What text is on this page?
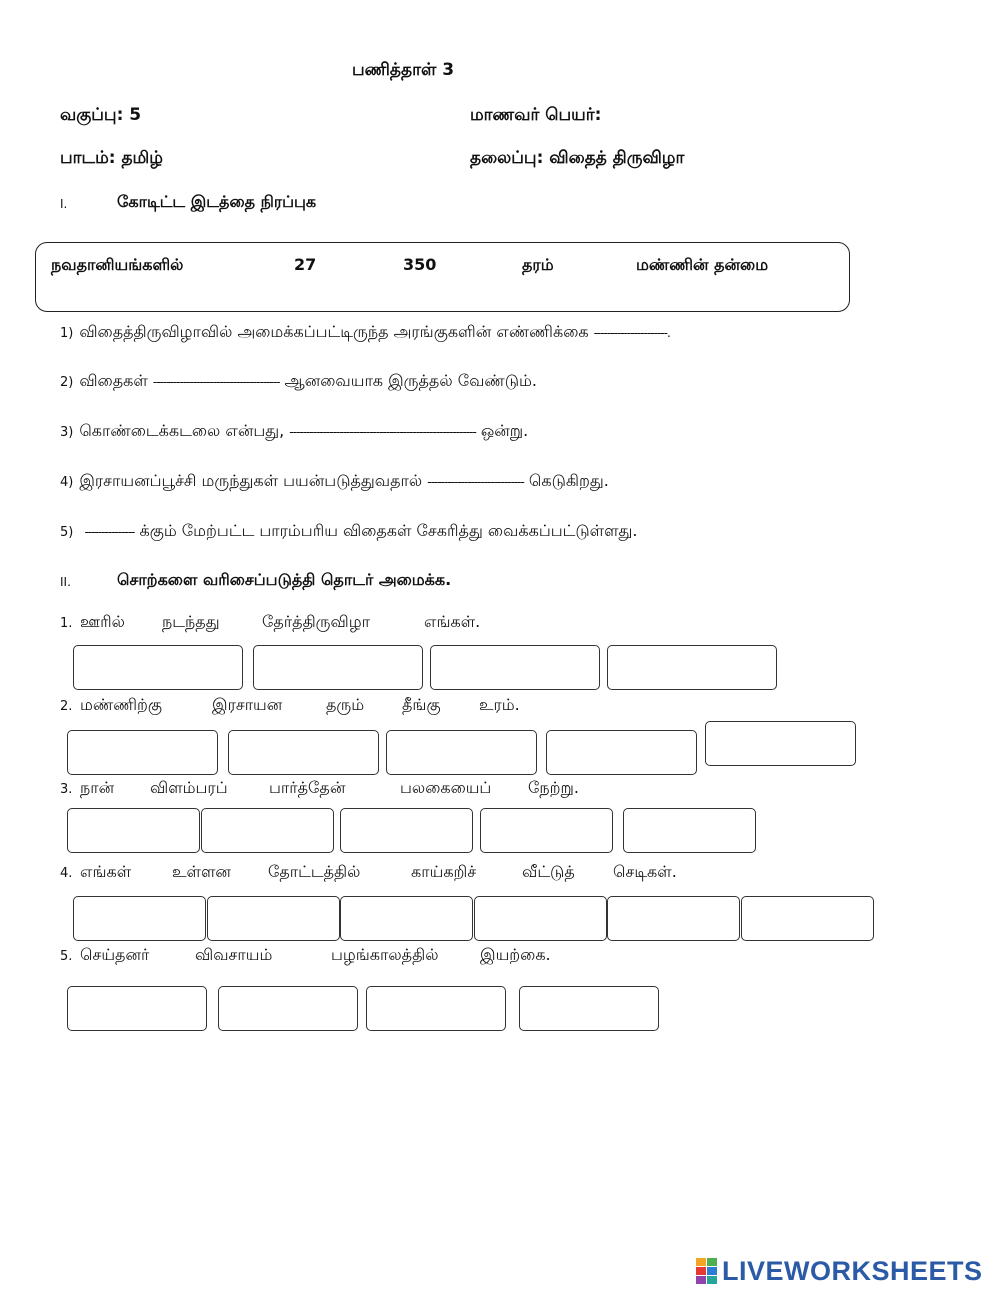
பணித்தாள் 3
வகுப்பு: 5	மாணவர் பெயர்:
பாடம்: தமிழ்	தலைப்பு: விதைத் திருவிழா
I.	கோடிட்ட இடத்தை நிரப்புக
நவதானியங்களில்	27	350	தரம்	மண்ணின் தன்மை
1) விதைத்திருவிழாவில் அமைக்கப்பட்டிருந்த அரங்குகளின் எண்ணிக்கை ----------------------.
2) விதைகள் -------------------------------------- ஆனவையாக இருத்தல் வேண்டும்.
3) கொண்டைக்கடலை என்பது, -------------------------------------------------------- ஒன்று.
4) இரசாயனப்பூச்சி மருந்துகள் பயன்படுத்துவதால் ----------------------------- கெடுகிறது.
5) --------------- க்கும் மேற்பட்ட பாரம்பரிய விதைகள் சேகரித்து வைக்கப்பட்டுள்ளது.
II.	சொற்களை வரிசைப்படுத்தி தொடர் அமைக்க.
1. ஊரில் நடந்தது	தேர்த்திருவிழா	எங்கள்.
2. மண்ணிற்கு	இரசாயன	தரும் தீங்கு உரம்.
3. நான் விளம்பரப்	பார்த்தேன்	பலகையைப் நேற்று.
4. எங்கள்	உள்ளன தோட்டத்தில்	காய்கறிச்	வீட்டுத் செடிகள்.
5. செய்தனர்	விவசாயம்	பழங்காலத்தில்	இயற்கை.
LIVEWORKSHEETS
